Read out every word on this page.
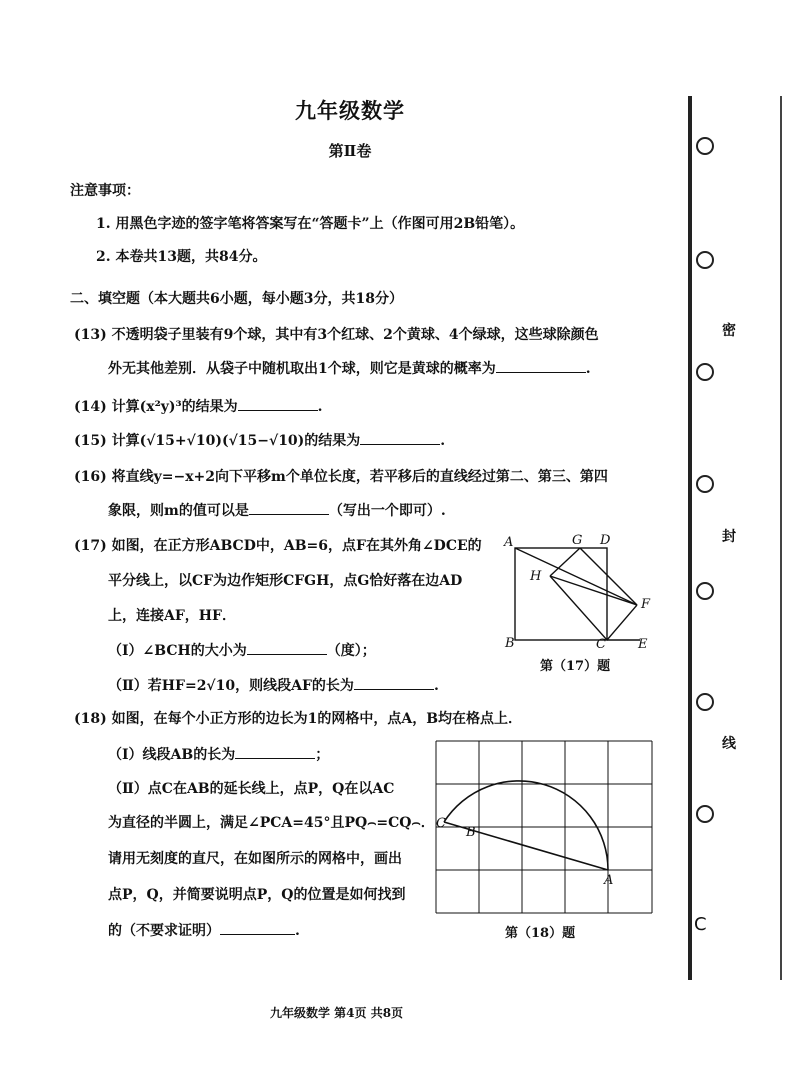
九年级数学
第Ⅱ卷
注意事项：
1. 用黑色字迹的签字笔将答案写在“答题卡”上（作图可用2B铅笔）。
2. 本卷共13题，共84分。
二、填空题（本大题共6小题，每小题3分，共18分）
(13) 不透明袋子里装有9个球，其中有3个红球、2个黄球、4个绿球，这些球除颜色
外无其他差别．从袋子中随机取出1个球，则它是黄球的概率为	.
(14) 计算(x²y)³的结果为	.
(15) 计算(√15+√10)(√15−√10)的结果为	.
(16) 将直线y=−x+2向下平移m个单位长度，若平移后的直线经过第二、第三、第四
象限，则m的值可以是	（写出一个即可）.
(17) 如图，在正方形ABCD中，AB=6，点F在其外角∠DCE的
平分线上，以CF为边作矩形CFGH，点G恰好落在边AD
上，连接AF，HF．
（Ⅰ）∠BCH的大小为	（度）；
（Ⅱ）若HF=2√10，则线段AF的长为	.
A	G D
H
F
B	C E
第（17）题
(18) 如图，在每个小正方形的边长为1的网格中，点A，B均在格点上．
（Ⅰ）线段AB的长为	；
（Ⅱ）点C在AB的延长线上，点P，Q在以AC
为直径的半圆上，满足∠PCA=45°且PQ⌢=CQ⌢．
请用无刻度的直尺，在如图所示的网格中，画出
点P，Q，并简要说明点P，Q的位置是如何找到
的（不要求证明）	.
C
B
A
第（18）题
九年级数学 第4页 共8页
密
封
线
C
